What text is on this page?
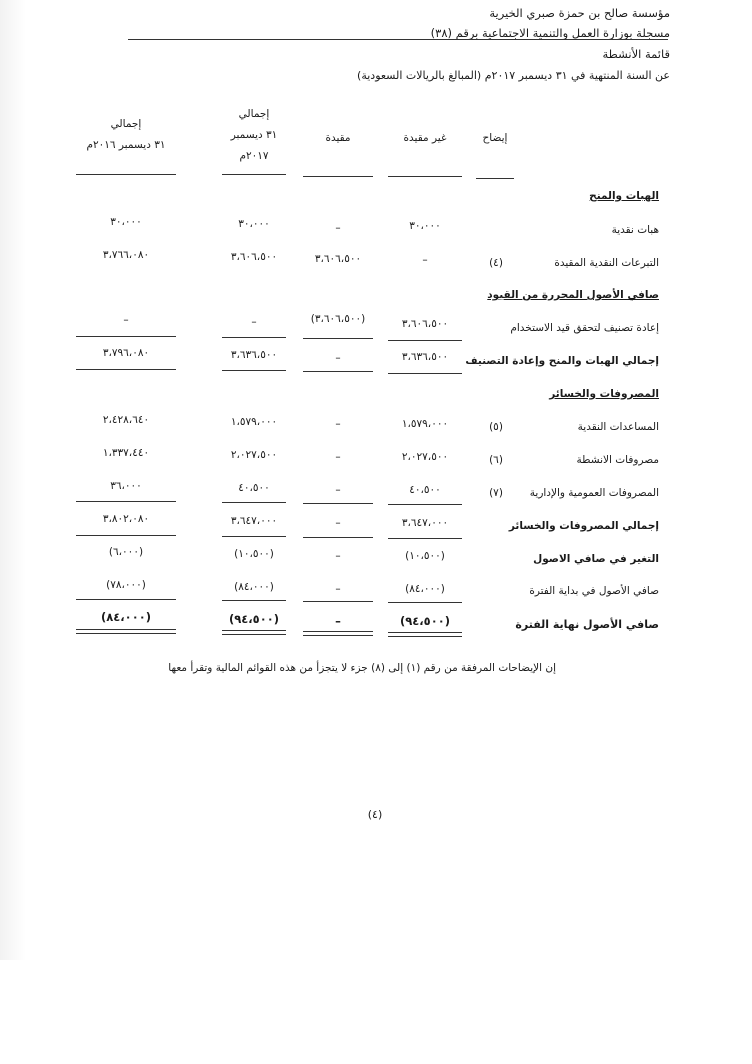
مؤسسة صالح بن حمزة صبري الخيرية
مسجلة بوزارة العمل والتنمية الاجتماعية برقم (٣٨)
قائمة الأنشطة
عن السنة المنتهية في ٣١ ديسمبر ٢٠١٧م (المبالغ بالريالات السعودية)
إيضاح
غير مقيدة
مقيدة
إجمالي
٣١ ديسمبر
٢٠١٧م
إجمالي
٣١ ديسمبر ٢٠١٦م
الهبات والمنح
هبات نقدية
٣٠،٠٠٠
–
٣٠،٠٠٠
٣٠،٠٠٠
التبرعات النقدية المقيدة
(٤)
–
٣،٦٠٦،٥٠٠
٣،٦٠٦،٥٠٠
٣،٧٦٦،٠٨٠
صافي الأصول المحررة من القيود
إعادة تصنيف لتحقق قيد الاستخدام
٣،٦٠٦،٥٠٠
(٣،٦٠٦،٥٠٠)
–
–
إجمالي الهبات والمنح وإعادة التصنيف
٣،٦٣٦،٥٠٠
–
٣،٦٣٦،٥٠٠
٣،٧٩٦،٠٨٠
المصروفات والخسائر
المساعدات النقدية
(٥)
١،٥٧٩،٠٠٠
–
١،٥٧٩،٠٠٠
٢،٤٢٨،٦٤٠
مصروفات الانشطة
(٦)
٢،٠٢٧،٥٠٠
–
٢،٠٢٧،٥٠٠
١،٣٣٧،٤٤٠
المصروفات العمومية والإدارية
(٧)
٤٠،٥٠٠
–
٤٠،٥٠٠
٣٦،٠٠٠
إجمالي المصروفات والخسائر
٣،٦٤٧،٠٠٠
–
٣،٦٤٧،٠٠٠
٣،٨٠٢،٠٨٠
التغير في صافي الاصول
(١٠،٥٠٠)
–
(١٠،٥٠٠)
(٦،٠٠٠)
صافي الأصول في بداية الفترة
(٨٤،٠٠٠)
–
(٨٤،٠٠٠)
(٧٨،٠٠٠)
صافي الأصول نهاية الفترة
(٩٤،٥٠٠)
–
(٩٤،٥٠٠)
(٨٤،٠٠٠)
إن الإيضاحات المرفقة من رقم (١) إلى (٨) جزء لا يتجزأ من هذه القوائم المالية وتقرأ معها
(٤)
